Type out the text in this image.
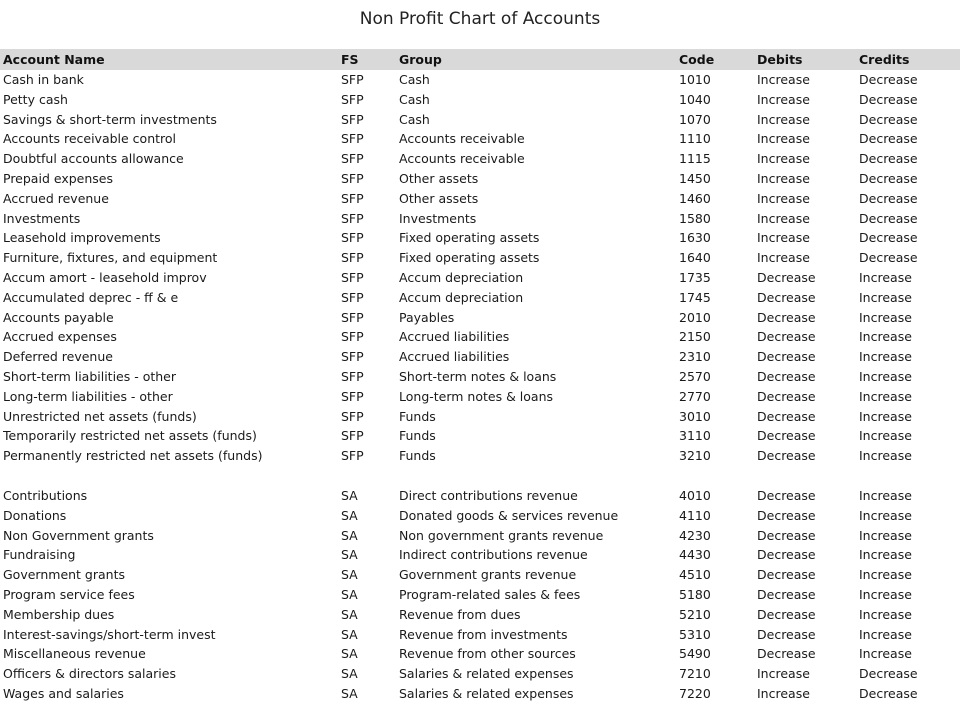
Non Profit Chart of Accounts
Account Name	FS	Group	Code	Debits	Credits
Cash in bank	SFP	Cash	1010	Increase	Decrease
Petty cash	SFP	Cash	1040	Increase	Decrease
Savings & short-term investments	SFP	Cash	1070	Increase	Decrease
Accounts receivable control	SFP	Accounts receivable	1110	Increase	Decrease
Doubtful accounts allowance	SFP	Accounts receivable	1115	Increase	Decrease
Prepaid expenses	SFP	Other assets	1450	Increase	Decrease
Accrued revenue	SFP	Other assets	1460	Increase	Decrease
Investments	SFP	Investments	1580	Increase	Decrease
Leasehold improvements	SFP	Fixed operating assets	1630	Increase	Decrease
Furniture, fixtures, and equipment	SFP	Fixed operating assets	1640	Increase	Decrease
Accum amort - leasehold improv	SFP	Accum depreciation	1735	Decrease	Increase
Accumulated deprec - ff & e	SFP	Accum depreciation	1745	Decrease	Increase
Accounts payable	SFP	Payables	2010	Decrease	Increase
Accrued expenses	SFP	Accrued liabilities	2150	Decrease	Increase
Deferred revenue	SFP	Accrued liabilities	2310	Decrease	Increase
Short-term liabilities - other	SFP	Short-term notes & loans	2570	Decrease	Increase
Long-term liabilities - other	SFP	Long-term notes & loans	2770	Decrease	Increase
Unrestricted net assets (funds)	SFP	Funds	3010	Decrease	Increase
Temporarily restricted net assets (funds)	SFP	Funds	3110	Decrease	Increase
Permanently restricted net assets (funds)	SFP	Funds	3210	Decrease	Increase
Contributions	SA	Direct contributions revenue	4010	Decrease	Increase
Donations	SA	Donated goods & services revenue	4110	Decrease	Increase
Non Government grants	SA	Non government grants revenue	4230	Decrease	Increase
Fundraising	SA	Indirect contributions revenue	4430	Decrease	Increase
Government grants	SA	Government grants revenue	4510	Decrease	Increase
Program service fees	SA	Program-related sales & fees	5180	Decrease	Increase
Membership dues	SA	Revenue from dues	5210	Decrease	Increase
Interest-savings/short-term invest	SA	Revenue from investments	5310	Decrease	Increase
Miscellaneous revenue	SA	Revenue from other sources	5490	Decrease	Increase
Officers & directors salaries	SA	Salaries & related expenses	7210	Increase	Decrease
Wages and salaries	SA	Salaries & related expenses	7220	Increase	Decrease
